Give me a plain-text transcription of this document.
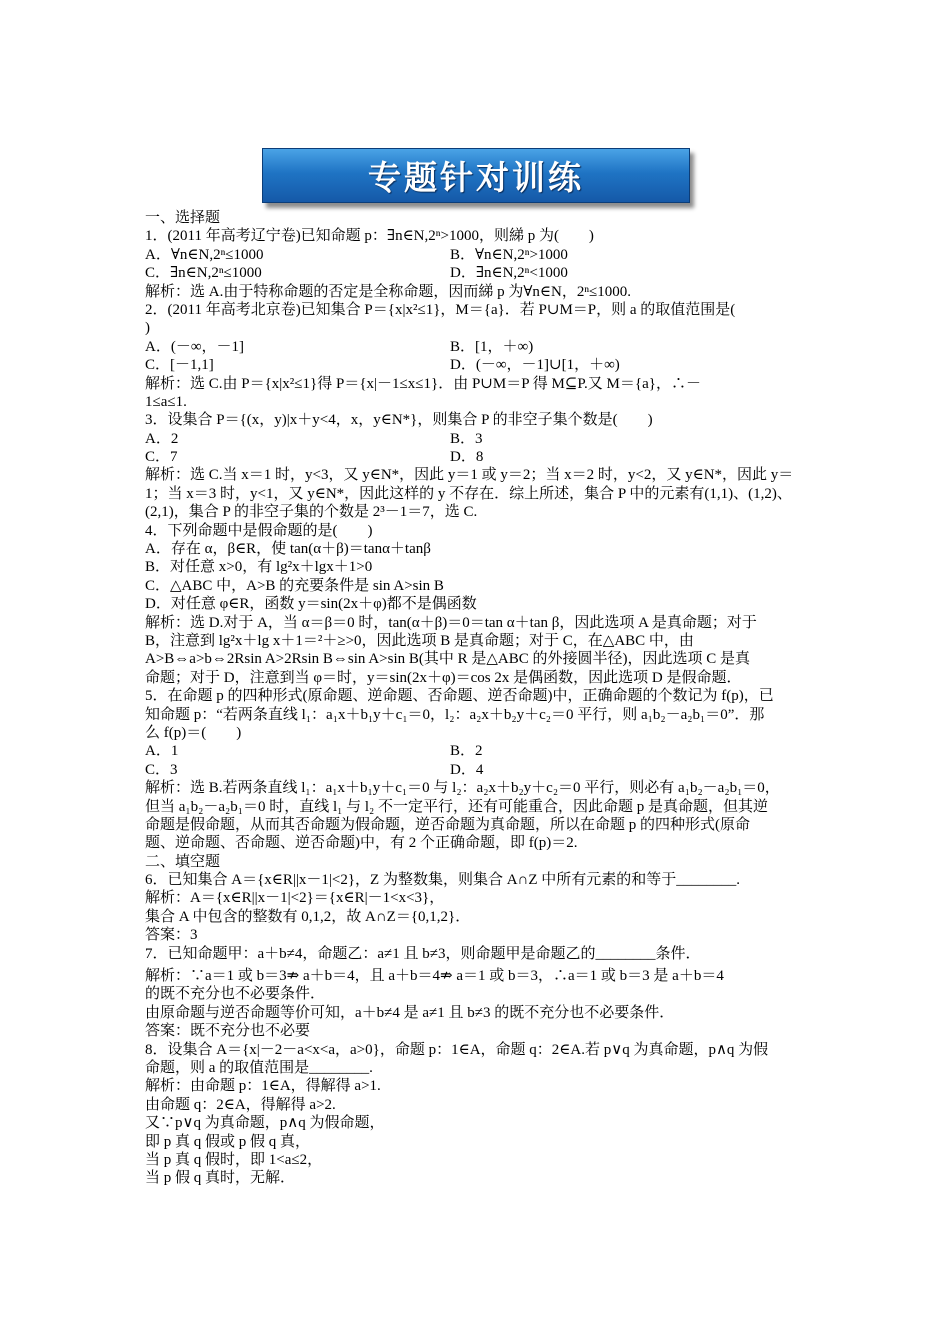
专题针对训练
一、选择题
1．(2011 年高考辽宁卷)已知命题 p：∃n∈N,2ⁿ>1000，则綈 p 为(　　)
A．∀n∈N,2ⁿ≤1000	B．∀n∈N,2ⁿ>1000
C．∃n∈N,2ⁿ≤1000	D．∃n∈N,2ⁿ<1000
解析：选 A.由于特称命题的否定是全称命题，因而綈 p 为∀n∈N，2ⁿ≤1000.
2．(2011 年高考北京卷)已知集合 P＝{x|x²≤1}，M＝{a}．若 P∪M＝P，则 a 的取值范围是(
)
A．(－∞，－1]	B．[1，＋∞)
C．[－1,1]	D．(－∞，－1]∪[1，＋∞)
解析：选 C.由 P＝{x|x²≤1}得 P＝{x|－1≤x≤1}．由 P∪M＝P 得 M⊆P.又 M＝{a}，∴－
1≤a≤1.
3．设集合 P＝{(x，y)|x＋y<4，x，y∈N*}，则集合 P 的非空子集个数是(　　)
A．2	B．3
C．7	D．8
解析：选 C.当 x＝1 时，y<3，又 y∈N*，因此 y＝1 或 y＝2；当 x＝2 时，y<2，又 y∈N*，因此 y＝
1；当 x＝3 时，y<1，又 y∈N*，因此这样的 y 不存在．综上所述，集合 P 中的元素有(1,1)、(1,2)、
(2,1)，集合 P 的非空子集的个数是 2³－1＝7，选 C.
4．下列命题中是假命题的是(　　)
A．存在 α，β∈R，使 tan(α＋β)＝tanα＋tanβ
B．对任意 x>0，有 lg²x＋lgx＋1>0
C．△ABC 中，A>B 的充要条件是 sin A>sin B
D．对任意 φ∈R，函数 y＝sin(2x＋φ)都不是偶函数
解析：选 D.对于 A，当 α＝β＝0 时，tan(α＋β)＝0＝tan α＋tan β，因此选项 A 是真命题；对于
B，注意到 lg²x＋lg x＋1＝²＋≥>0，因此选项 B 是真命题；对于 C，在△ABC 中，由
A>B⇔a>b⇔2Rsin A>2Rsin B⇔sin A>sin B(其中 R 是△ABC 的外接圆半径)，因此选项 C 是真
命题；对于 D，注意到当 φ＝时，y＝sin(2x＋φ)＝cos 2x 是偶函数，因此选项 D 是假命题．
5．在命题 p 的四种形式(原命题、逆命题、否命题、逆否命题)中，正确命题的个数记为 f(p)，已
知命题 p：“若两条直线 l₁：a₁x＋b₁y＋c₁＝0，l₂：a₂x＋b₂y＋c₂＝0 平行，则 a₁b₂－a₂b₁＝0”．那
么 f(p)＝(　　)
A．1	B．2
C．3	D．4
解析：选 B.若两条直线 l₁：a₁x＋b₁y＋c₁＝0 与 l₂：a₂x＋b₂y＋c₂＝0 平行，则必有 a₁b₂－a₂b₁＝0，
但当 a₁b₂－a₂b₁＝0 时，直线 l₁ 与 l₂ 不一定平行，还有可能重合，因此命题 p 是真命题，但其逆
命题是假命题，从而其否命题为假命题，逆否命题为真命题，所以在命题 p 的四种形式(原命
题、逆命题、否命题、逆否命题)中，有 2 个正确命题，即 f(p)＝2.
二、填空题
6．已知集合 A＝{x∈R||x－1|<2}，Z 为整数集，则集合 A∩Z 中所有元素的和等于________.
解析：A＝{x∈R||x－1|<2}＝{x∈R|－1<x<3}，
集合 A 中包含的整数有 0,1,2，故 A∩Z＝{0,1,2}．
答案：3
7．已知命题甲：a＋b≠4，命题乙：a≠1 且 b≠3，则命题甲是命题乙的________条件．
解析：∵a＝1 或 b＝3⇏ a＋b＝4，且 a＋b＝4⇏ a＝1 或 b＝3，∴a＝1 或 b＝3 是 a＋b＝4
的既不充分也不必要条件．
由原命题与逆否命题等价可知，a＋b≠4 是 a≠1 且 b≠3 的既不充分也不必要条件．
答案：既不充分也不必要
8．设集合 A＝{x|－2－a<x<a，a>0}，命题 p：1∈A，命题 q：2∈A.若 p∨q 为真命题，p∧q 为假
命题，则 a 的取值范围是________.
解析：由命题 p：1∈A，得解得 a>1.
由命题 q：2∈A，得解得 a>2.
又∵p∨q 为真命题，p∧q 为假命题，
即 p 真 q 假或 p 假 q 真，
当 p 真 q 假时，即 1<a≤2，
当 p 假 q 真时，无解．
